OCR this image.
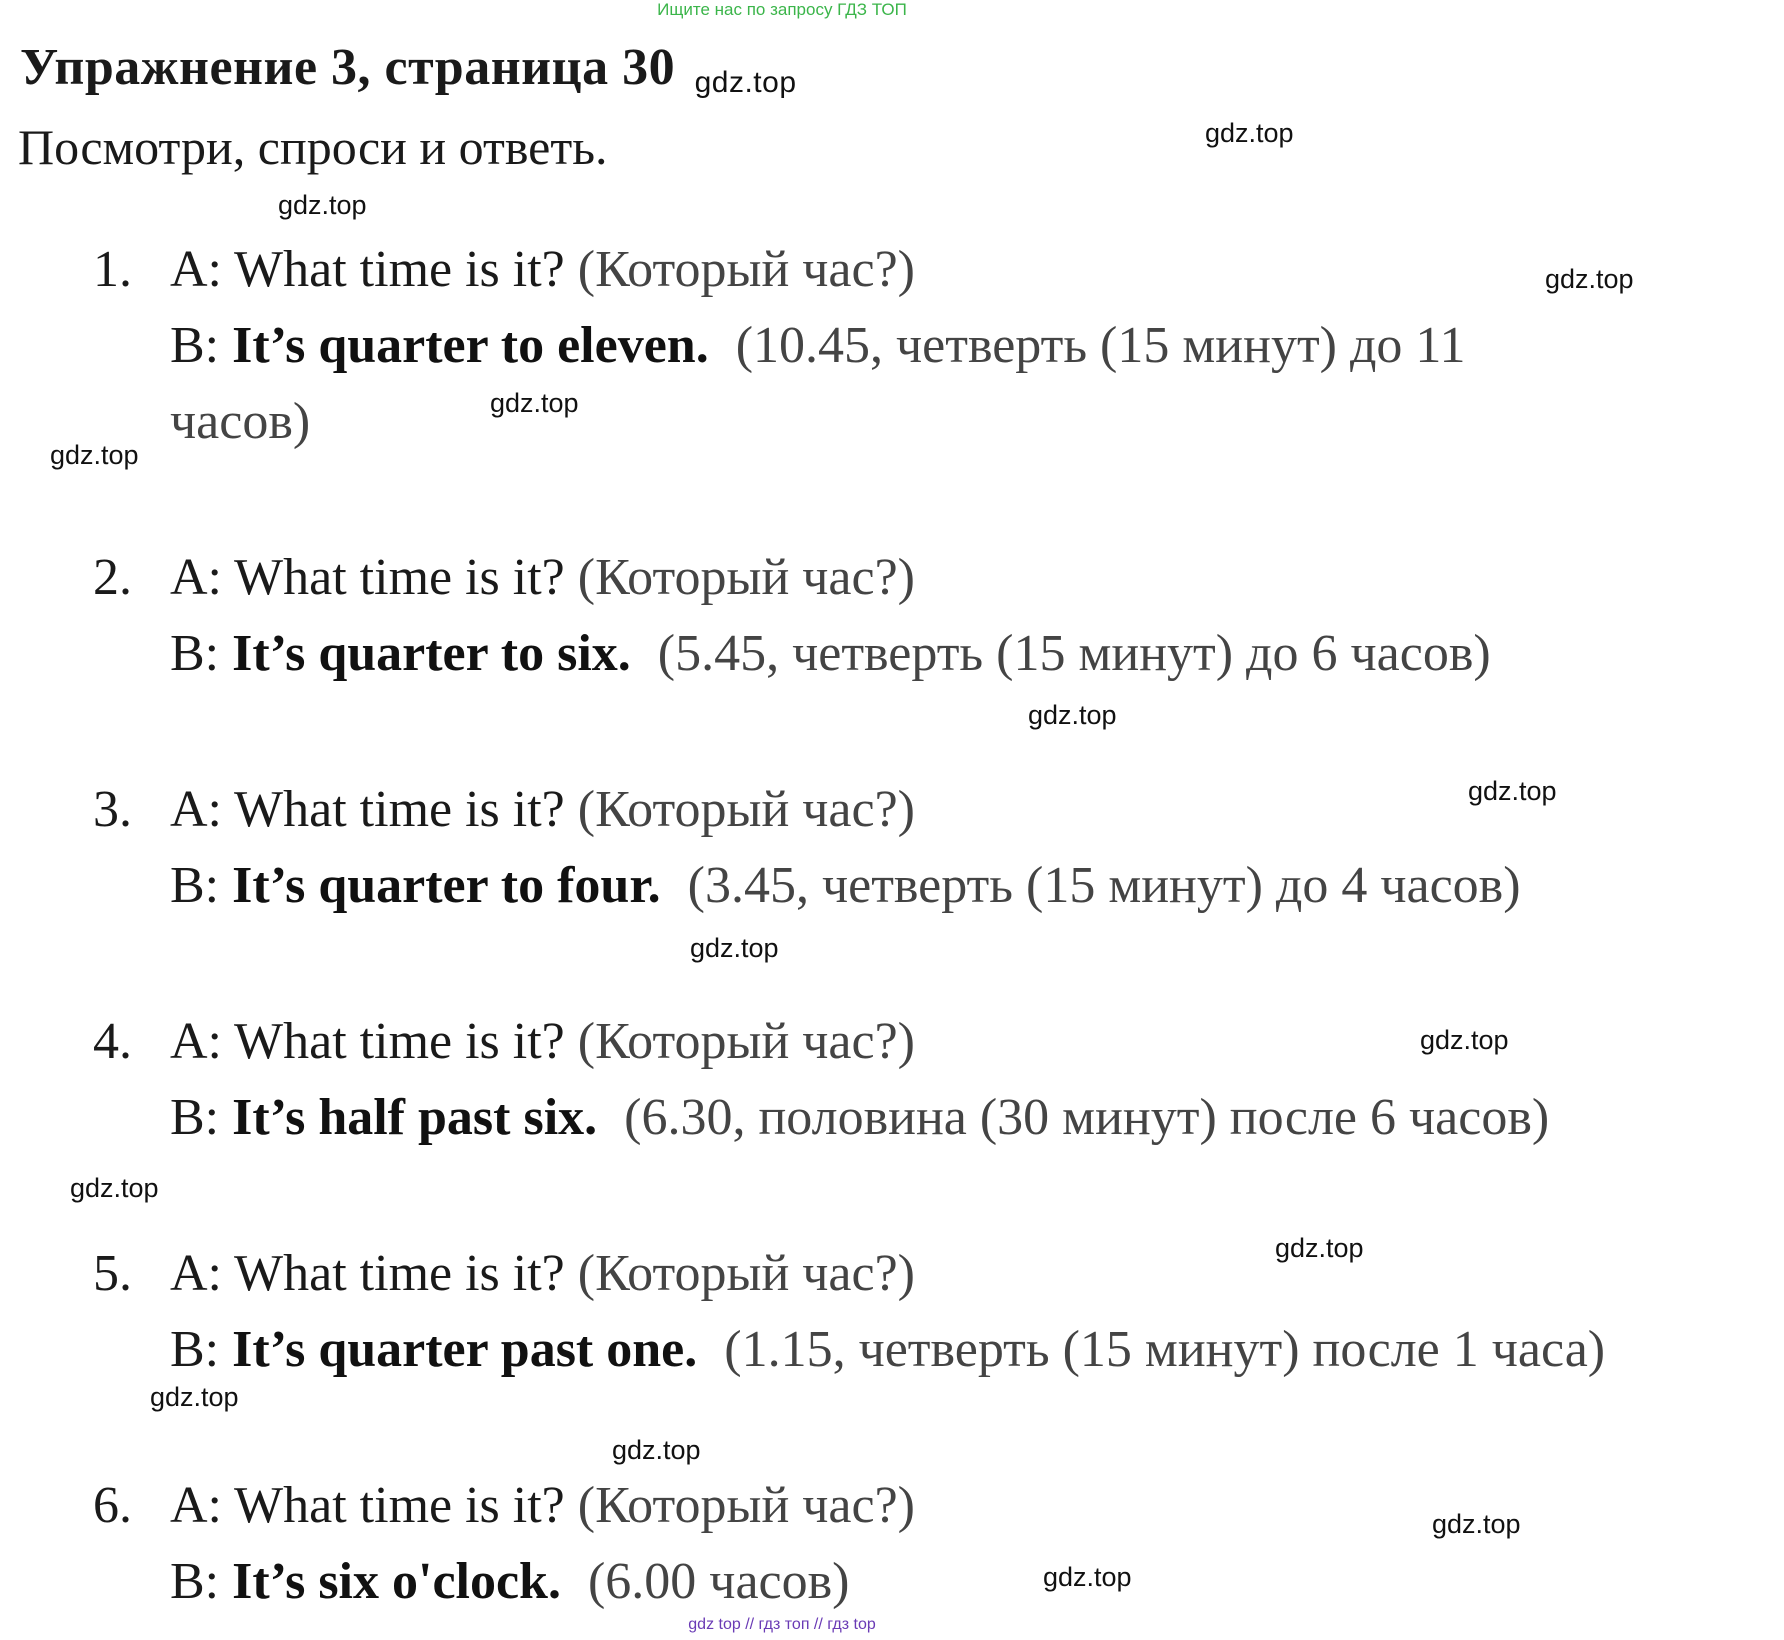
Ищите нас по запросу ГДЗ ТОП
Упражнение 3, страница 30 gdz.top
Посмотри, спроси и ответь.	gdz.top
gdz.top
gdz.top
gdz.top
gdz.top
gdz.top
gdz.top
gdz.top
gdz.top
gdz.top
gdz.top
gdz.top
gdz.top
gdz.top
gdz.top
1. A: What time is it? (Который час?)
B: It’s quarter to eleven. (10.45, четверть (15 минут) до 11
часов)
2. A: What time is it? (Который час?)
B: It’s quarter to six. (5.45, четверть (15 минут) до 6 часов)
3. A: What time is it? (Который час?)
B: It’s quarter to four. (3.45, четверть (15 минут) до 4 часов)
4. A: What time is it? (Который час?)
B: It’s half past six. (6.30, половина (30 минут) после 6 часов)
5. A: What time is it? (Который час?)
B: It’s quarter past one. (1.15, четверть (15 минут) после 1 часа)
6. A: What time is it? (Который час?)
B: It’s six o'clock. (6.00 часов)
gdz top // гдз топ // гдз top
